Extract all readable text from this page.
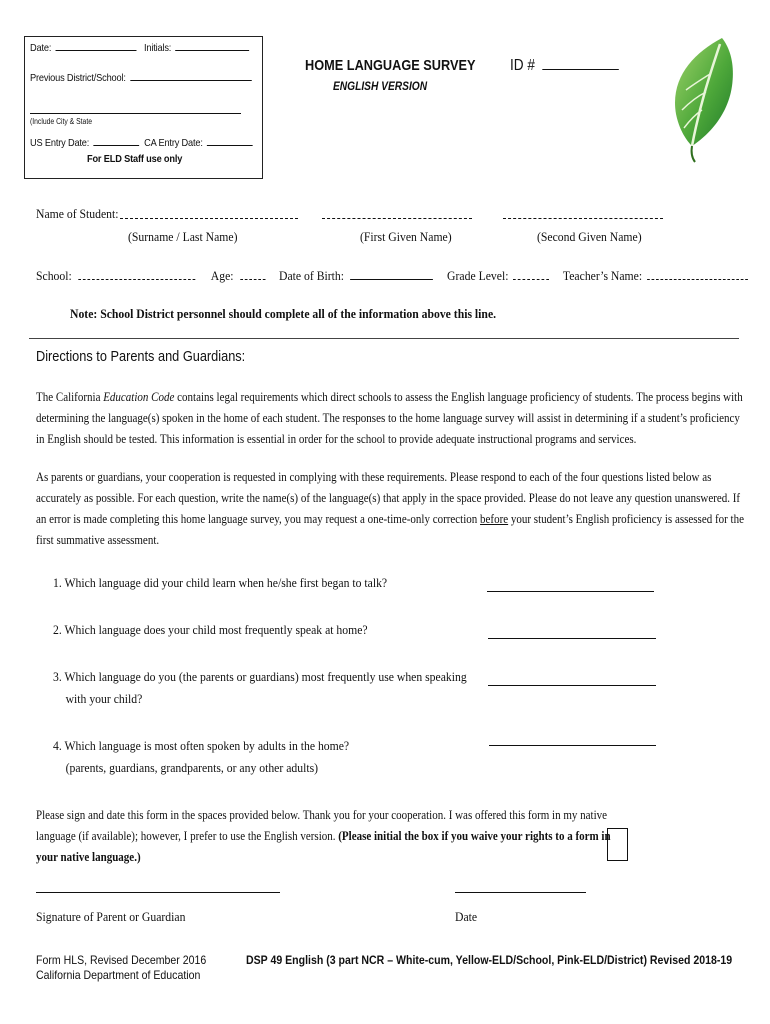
Date:	Initials:
Previous District/School:
(Include City & State
US Entry Date:	CA Entry Date:
For ELD Staff use only
HOME LANGUAGE SURVEY
ENGLISH VERSION
ID #
Name of Student:
(Surname / Last Name)	(First Given Name)	(Second Given Name)
School:	Age:	Date of Birth:	Grade Level:	Teacher’s Name:
Note: School District personnel should complete all of the information above this line.
Directions to Parents and Guardians:
The California Education Code contains legal requirements which direct schools to assess the English language proficiency of students. The process begins with determining the language(s) spoken in the home of each student. The responses to the home language survey will assist in determining if a student’s proficiency in English should be tested. This information is essential in order for the school to provide adequate instructional programs and services.
As parents or guardians, your cooperation is requested in complying with these requirements. Please respond to each of the four questions listed below as accurately as possible. For each question, write the name(s) of the language(s) that apply in the space provided. Please do not leave any question unanswered. If an error is made completing this home language survey, you may request a one-time-only correction before your student’s English proficiency is assessed for the first summative assessment.
1. Which language did your child learn when he/she first began to talk?
2. Which language does your child most frequently speak at home?
3. Which language do you (the parents or guardians) most frequently use when speaking
with your child?
4. Which language is most often spoken by adults in the home?
(parents, guardians, grandparents, or any other adults)
Please sign and date this form in the spaces provided below. Thank you for your cooperation. I was offered this form in my native language (if available); however, I prefer to use the English version. (Please initial the box if you waive your rights to a form in your native language.)
Signature of Parent or Guardian	Date
Form HLS, Revised December 2016
California Department of Education
DSP 49 English (3 part NCR – White-cum, Yellow-ELD/School, Pink-ELD/District) Revised 2018-19
